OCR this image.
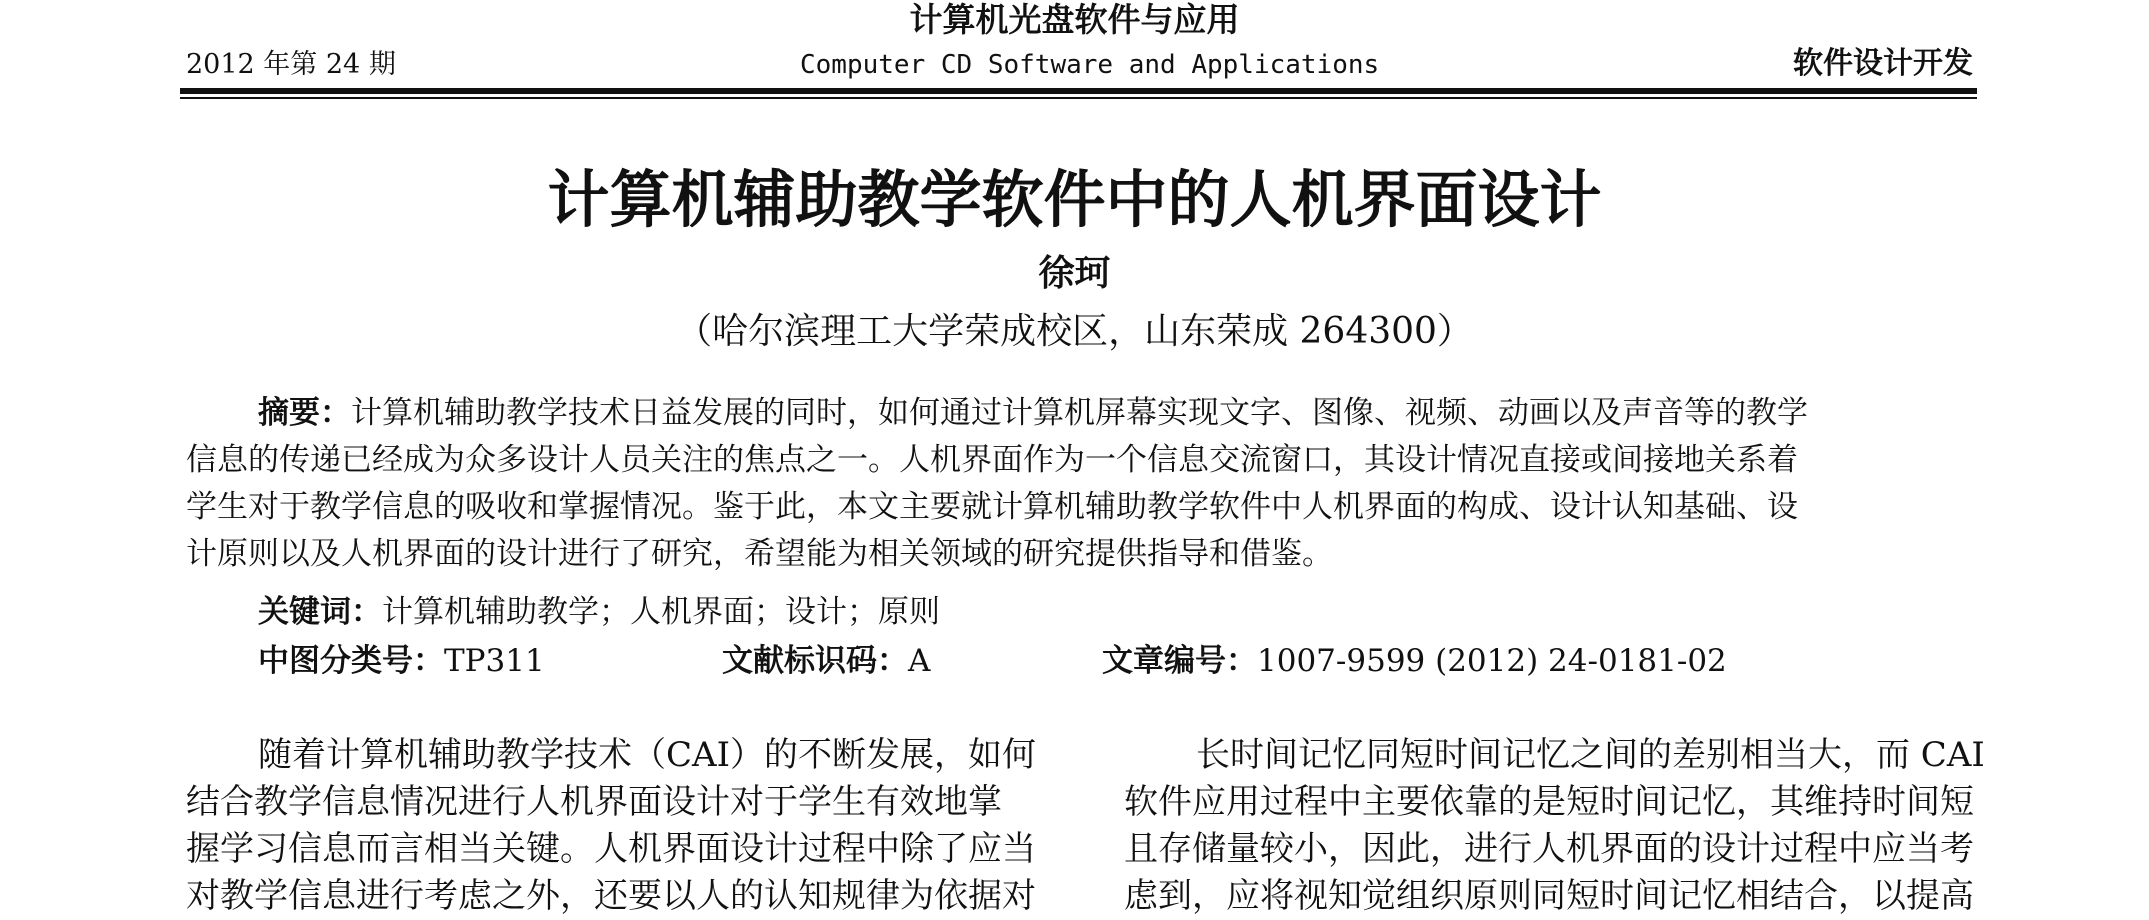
计算机光盘软件与应用
2012 年第 24 期	Computer CD Software and Applications	软件设计开发
计算机辅助教学软件中的人机界面设计
徐珂
（哈尔滨理工大学荣成校区，山东荣成 264300）
摘要：计算机辅助教学技术日益发展的同时，如何通过计算机屏幕实现文字、图像、视频、动画以及声音等的教学
信息的传递已经成为众多设计人员关注的焦点之一。人机界面作为一个信息交流窗口，其设计情况直接或间接地关系着
学生对于教学信息的吸收和掌握情况。鉴于此，本文主要就计算机辅助教学软件中人机界面的构成、设计认知基础、设
计原则以及人机界面的设计进行了研究，希望能为相关领域的研究提供指导和借鉴。
关键词：计算机辅助教学；人机界面；设计；原则
中图分类号：TP311	文献标识码：A	文章编号：1007-9599 (2012) 24-0181-02
随着计算机辅助教学技术（CAI）的不断发展，如何
结合教学信息情况进行人机界面设计对于学生有效地掌
握学习信息而言相当关键。人机界面设计过程中除了应当
对教学信息进行考虑之外，还要以人的认知规律为依据对
长时间记忆同短时间记忆之间的差别相当大，而 CAI
软件应用过程中主要依靠的是短时间记忆，其维持时间短
且存储量较小，因此，进行人机界面的设计过程中应当考
虑到，应将视知觉组织原则同短时间记忆相结合，以提高
